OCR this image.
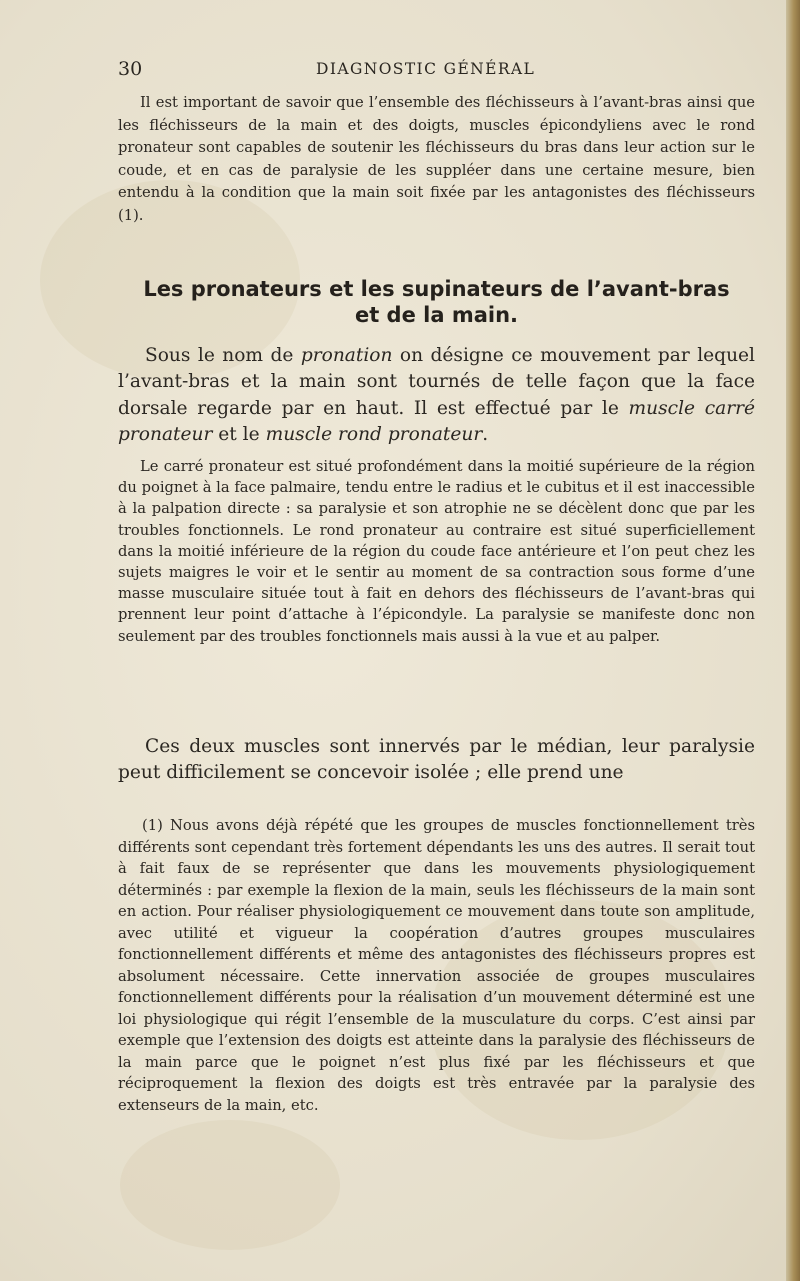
30	DIAGNOSTIC GÉNÉRAL

Il est important de savoir que l’ensemble des fléchisseurs à l’avant-bras ainsi que les fléchisseurs de la main et des doigts, muscles épicondyliens avec le rond pronateur sont capables de soutenir les fléchisseurs du bras dans leur action sur le coude, et en cas de paralysie de les suppléer dans une certaine mesure, bien entendu à la condition que la main soit fixée par les antagonistes des fléchisseurs (1).

Les pronateurs et les supinateurs de l’avant-bras
et de la main.

Sous le nom de pronation on désigne ce mouvement par lequel l’avant-bras et la main sont tournés de telle façon que la face dorsale regarde par en haut. Il est effectué par le muscle carré pronateur et le muscle rond pronateur.

Le carré pronateur est situé profondément dans la moitié supérieure de la région du poignet à la face palmaire, tendu entre le radius et le cubitus et il est inaccessible à la palpation directe : sa paralysie et son atrophie ne se décèlent donc que par les troubles fonctionnels. Le rond pronateur au contraire est situé superficiellement dans la moitié inférieure de la région du coude face antérieure et l’on peut chez les sujets maigres le voir et le sentir au moment de sa contraction sous forme d’une masse musculaire située tout à fait en dehors des fléchisseurs de l’avant-bras qui prennent leur point d’attache à l’épicondyle. La paralysie se manifeste donc non seulement par des troubles fonctionnels mais aussi à la vue et au palper.

Ces deux muscles sont innervés par le médian, leur paralysie peut difficilement se concevoir isolée ; elle prend une

(1) Nous avons déjà répété que les groupes de muscles fonctionnellement très différents sont cependant très fortement dépendants les uns des autres. Il serait tout à fait faux de se représenter que dans les mouvements physiologiquement déterminés : par exemple la flexion de la main, seuls les fléchisseurs de la main sont en action. Pour réaliser physiologiquement ce mouvement dans toute son amplitude, avec utilité et vigueur la coopération d’autres groupes musculaires fonctionnellement différents et même des antagonistes des fléchisseurs propres est absolument nécessaire. Cette innervation associée de groupes musculaires fonctionnellement différents pour la réalisation d’un mouvement déterminé est une loi physiologique qui régit l’ensemble de la musculature du corps. C’est ainsi par exemple que l’extension des doigts est atteinte dans la paralysie des fléchisseurs de la main parce que le poignet n’est plus fixé par les fléchisseurs et que réciproquement la flexion des doigts est très entravée par la paralysie des extenseurs de la main, etc.
